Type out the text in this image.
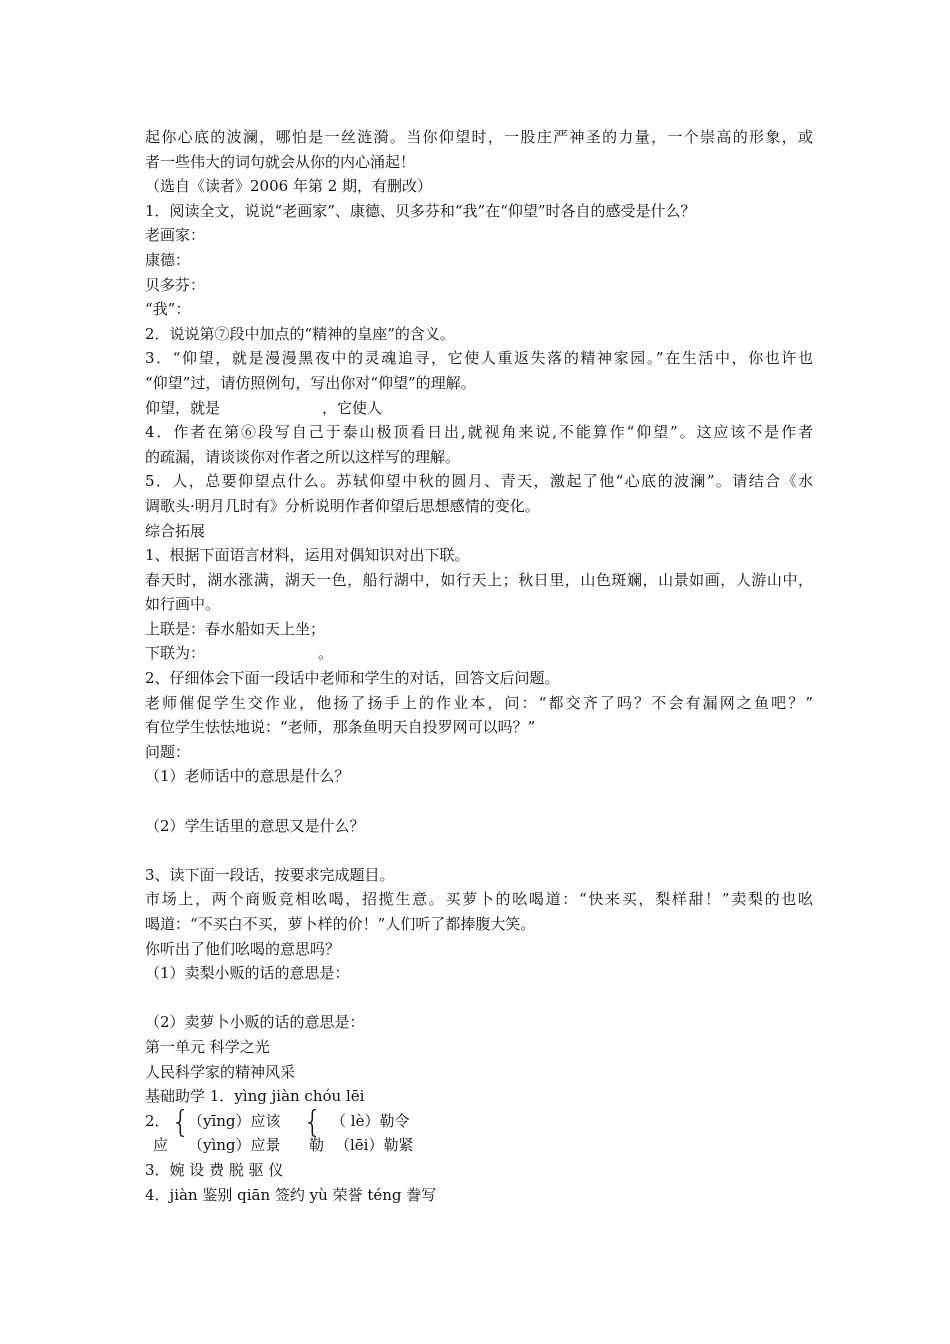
起你心底的波澜，哪怕是一丝涟漪。当你仰望时，一股庄严神圣的力量，一个崇高的形象，或
者一些伟大的词句就会从你的内心涌起！
（选自《读者》2006 年第 2 期，有删改）
1．阅读全文，说说“老画家”、康德、贝多芬和“我”在“仰望”时各自的感受是什么？
老画家：
康德：
贝多芬：
“我”：
2．说说第⑦段中加点的“精神的皇座”的含义。
3．“仰望，就是漫漫黑夜中的灵魂追寻，它使人重返失落的精神家园。”在生活中，你也许也
“仰望”过，请仿照例句，写出你对“仰望”的理解。
仰望，就是	，它使人
4．作者在第⑥段写自己于泰山极顶看日出,就视角来说,不能算作“仰望”。这应该不是作者
的疏漏，请谈谈你对作者之所以这样写的理解。
5．人，总要仰望点什么。苏轼仰望中秋的圆月、青天，激起了他“心底的波澜”。请结合《水
调歌头·明月几时有》分析说明作者仰望后思想感情的变化。
综合拓展
1、根据下面语言材料，运用对偶知识对出下联。
春天时，湖水涨满，湖天一色，船行湖中，如行天上；秋日里，山色斑斓，山景如画，人游山中，
如行画中。
上联是：春水船如天上坐；
下联为：	。
2、仔细体会下面一段话中老师和学生的对话，回答文后问题。
老师催促学生交作业，他扬了扬手上的作业本，问：“都交齐了吗？不会有漏网之鱼吧？”
有位学生怯怯地说：“老师，那条鱼明天自投罗网可以吗？”
问题：
（1）老师话中的意思是什么？
（2）学生话里的意思又是什么？
3、读下面一段话，按要求完成题目。
市场上，两个商贩竞相吆喝，招揽生意。买萝卜的吆喝道：“快来买，梨样甜！”卖梨的也吆
喝道：“不买白不买，萝卜样的价！”人们听了都捧腹大笑。
你听出了他们吆喝的意思吗？
（1）卖梨小贩的话的意思是：
（2）卖萝卜小贩的话的意思是：
第一单元 科学之光
人民科学家的精神风采
基础助学 1．yìng jiàn chóu lēi
2． {
应
（yīng）应该
（yìng）应景
{
勒
（ lè）勒令
（lēi）勒紧
3．婉 设 费 脱 驱 仪
4．jiàn 鉴别 qiān 签约 yù 荣誉 téng 誊写
